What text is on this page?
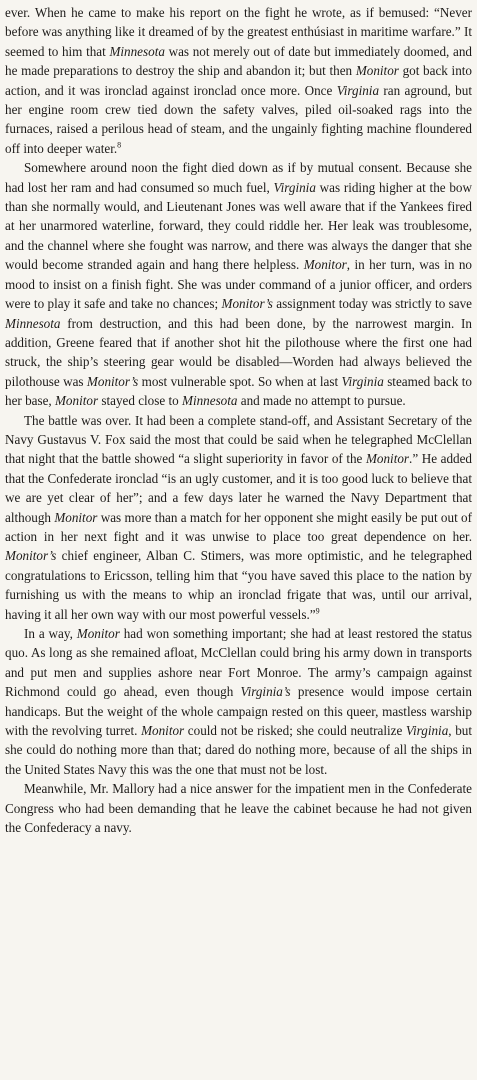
ever. When he came to make his report on the fight he wrote, as if bemused: “Never before was anything like it dreamed of by the greatest enthúsiast in maritime warfare.” It seemed to him that Minnesota was not merely out of date but immediately doomed, and he made preparations to destroy the ship and abandon it; but then Monitor got back into action, and it was ironclad against ironclad once more. Once Virginia ran aground, but her engine room crew tied down the safety valves, piled oil-soaked rags into the furnaces, raised a perilous head of steam, and the ungainly fighting machine floundered off into deeper water.$^8$

Somewhere around noon the fight died down as if by mutual consent. Because she had lost her ram and had consumed so much fuel, Virginia was riding higher at the bow than she normally would, and Lieutenant Jones was well aware that if the Yankees fired at her unarmored waterline, forward, they could riddle her. Her leak was troublesome, and the channel where she fought was narrow, and there was always the danger that she would become stranded again and hang there helpless. Monitor, in her turn, was in no mood to insist on a finish fight. She was under command of a junior officer, and orders were to play it safe and take no chances; Monitor’s assignment today was strictly to save Minnesota from destruction, and this had been done, by the narrowest margin. In addition, Greene feared that if another shot hit the pilothouse where the first one had struck, the ship’s steering gear would be disabled—Worden had always believed the pilothouse was Monitor’s most vulnerable spot. So when at last Virginia steamed back to her base, Monitor stayed close to Minnesota and made no attempt to pursue.

The battle was over. It had been a complete stand-off, and Assistant Secretary of the Navy Gustavus V. Fox said the most that could be said when he telegraphed McClellan that night that the battle showed “a slight superiority in favor of the Monitor.” He added that the Confederate ironclad “is an ugly customer, and it is too good luck to believe that we are yet clear of her”; and a few days later he warned the Navy Department that although Monitor was more than a match for her opponent she might easily be put out of action in her next fight and it was unwise to place too great dependence on her. Monitor’s chief engineer, Alban C. Stimers, was more optimistic, and he telegraphed congratulations to Ericsson, telling him that “you have saved this place to the nation by furnishing us with the means to whip an ironclad frigate that was, until our arrival, having it all her own way with our most powerful vessels.”$^9$

In a way, Monitor had won something important; she had at least restored the status quo. As long as she remained afloat, McClellan could bring his army down in transports and put men and supplies ashore near Fort Monroe. The army’s campaign against Richmond could go ahead, even though Virginia’s presence would impose certain handicaps. But the weight of the whole campaign rested on this queer, mastless warship with the revolving turret. Monitor could not be risked; she could neutralize Virginia, but she could do nothing more than that; dared do nothing more, because of all the ships in the United States Navy this was the one that must not be lost.

Meanwhile, Mr. Mallory had a nice answer for the impatient men in the Confederate Congress who had been demanding that he leave the cabinet because he had not given the Confederacy a navy.
